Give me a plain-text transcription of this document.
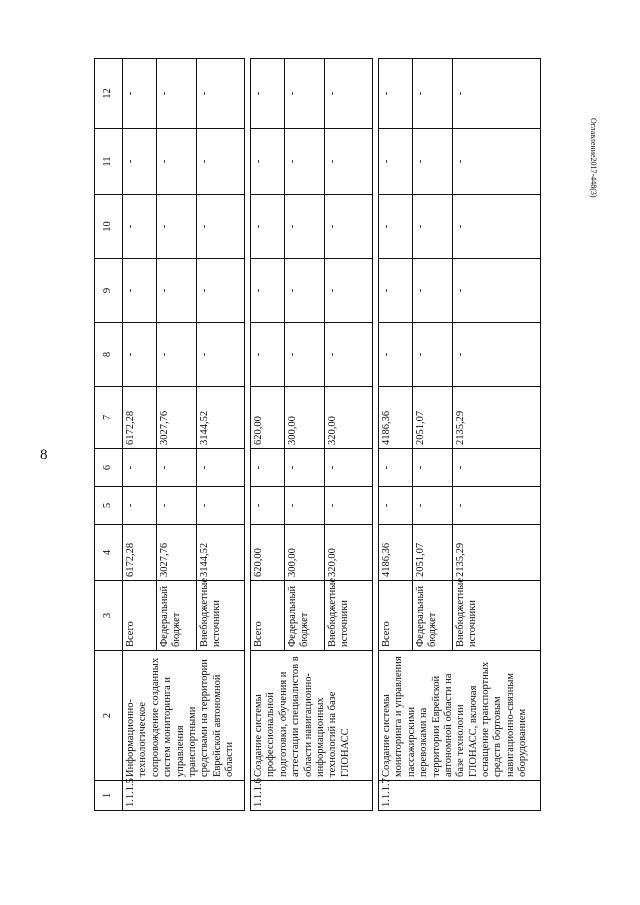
8
Оглавление2017-448(3)
1	2	3	4	5	6	7	8	9	10	11	12
1.1.1.5	Информационно-технологическое сопровождение созданных систем мониторинга и управления транспортными средствами на территории Еврейской автономной области	Всего	6172,28	-	-	6172,28	-	-	-	-	-
		Федеральный бюджет	3027,76	-	-	3027,76	-	-	-	-	-
		Внебюджетные источники	3144,52	-	-	3144,52	-	-	-	-	-

1.1.1.6	Создание системы профессиональной подготовки, обучения и аттестации специалистов в области навигационно-информационных технологий на базе ГЛОНАСС	Всего	620,00	-	-	620,00	-	-	-	-	-
		Федеральный бюджет	300,00	-	-	300,00	-	-	-	-	-
		Внебюджетные источники	320,00	-	-	320,00	-	-	-	-	-

1.1.1.7	Создание системы мониторинга и управления пассажирскими перевозками на территории Еврейской автономной области на базе технологии ГЛОНАСС, включая оснащение транспортных средств бортовым навигационно-связным оборудованием	Всего	4186,36	-	-	4186,36	-	-	-	-	-
		Федеральный бюджет	2051,07	-	-	2051,07	-	-	-	-	-
		Внебюджетные источники	2135,29	-	-	2135,29	-	-	-	-	-
